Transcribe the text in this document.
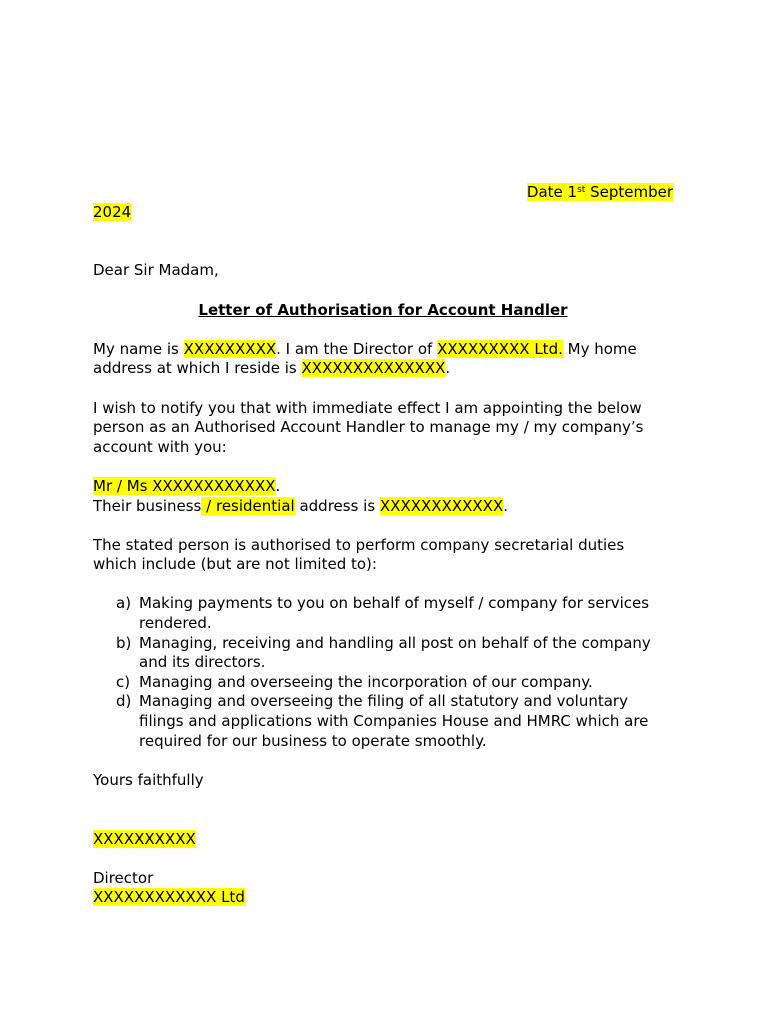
Date 1st September
2024
Dear Sir Madam,
Letter of Authorisation for Account Handler
My name is XXXXXXXXX. I am the Director of XXXXXXXXX Ltd. My home
address at which I reside is XXXXXXXXXXXXXX.
I wish to notify you that with immediate effect I am appointing the below
person as an Authorised Account Handler to manage my / my company’s
account with you:
Mr / Ms XXXXXXXXXXXX.
Their business / residential address is XXXXXXXXXXXX.
The stated person is authorised to perform company secretarial duties
which include (but are not limited to):
a) Making payments to you on behalf of myself / company for services
rendered.
b) Managing, receiving and handling all post on behalf of the company
and its directors.
c) Managing and overseeing the incorporation of our company.
d) Managing and overseeing the filing of all statutory and voluntary
filings and applications with Companies House and HMRC which are
required for our business to operate smoothly.
Yours faithfully
XXXXXXXXXX
Director
XXXXXXXXXXXX Ltd
